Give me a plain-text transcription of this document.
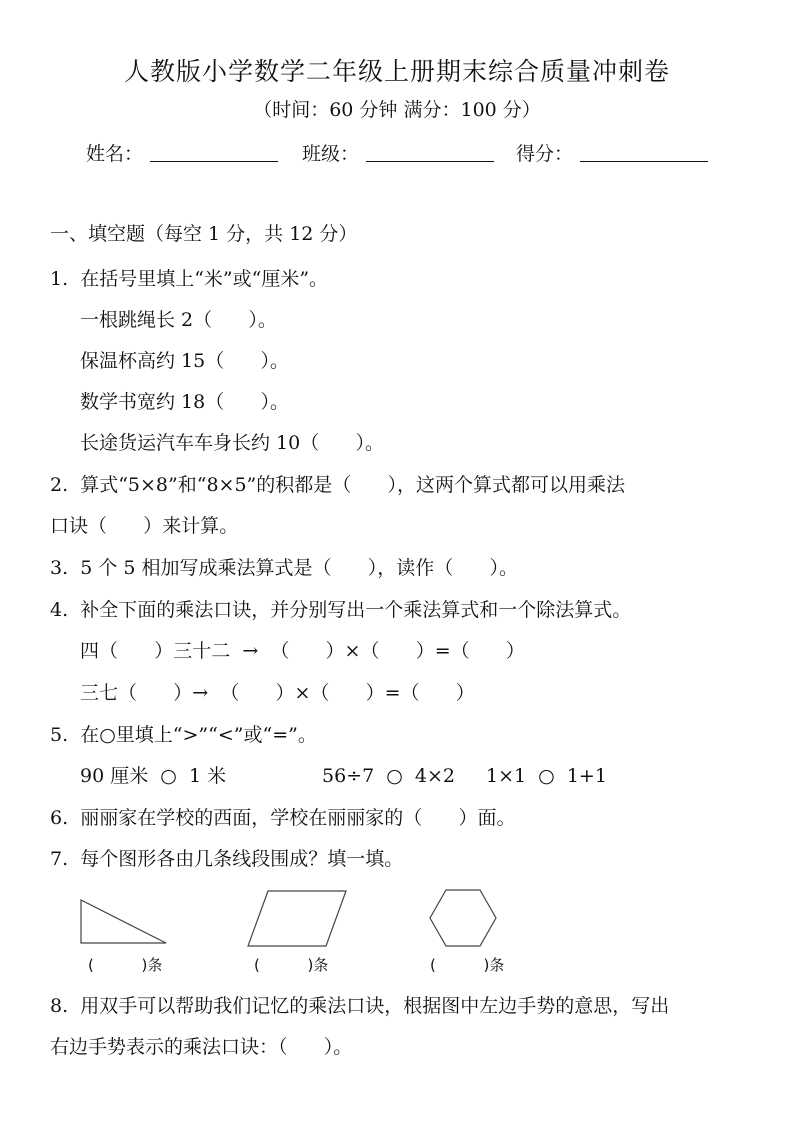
人教版小学数学二年级上册期末综合质量冲刺卷
（时间：60 分钟 满分：100 分）
姓名：	班级：	得分：
一、填空题（每空 1 分，共 12 分）
1.  在括号里填上“米”或“厘米”。
一根跳绳长 2（      ）。
保温杯高约 15（      ）。
数学书宽约 18（      ）。
长途货运汽车车身长约 10（      ）。
2.  算式“5×8”和“8×5”的积都是（      ），这两个算式都可以用乘法
口诀（      ）来计算。
3.  5 个 5 相加写成乘法算式是（      ），读作（      ）。
4.  补全下面的乘法口诀，并分别写出一个乘法算式和一个除法算式。
四（      ）三十二  →  （      ）×（      ）=（      ）
三七（      ）→  （      ）×（      ）=（      ）
5.  在○里填上“>”“<”或“=”。
90 厘米  ○  1 米	56÷7  ○  4×2 1×1  ○  1+1
6.  丽丽家在学校的西面，学校在丽丽家的（      ）面。
7.  每个图形各由几条线段围成？填一填。
(          )条	(          )条	(          )条
8.  用双手可以帮助我们记忆的乘法口诀，根据图中左边手势的意思，写出
右边手势表示的乘法口诀：（      ）。
